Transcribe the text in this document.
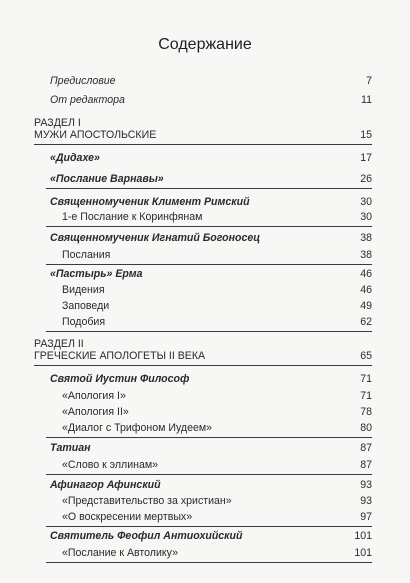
Содержание
Предисловие	7
От редактора	11
РАЗДЕЛ I
МУЖИ АПОСТОЛЬСКИЕ	15
«Дидахе»	17
«Послание Варнавы»	26
Священномученик Климент Римский	30
1-е Послание к Коринфянам	30
Священномученик Игнатий Богоносец	38
Послания	38
«Пастырь» Ерма	46
Видения	46
Заповеди	49
Подобия	62
РАЗДЕЛ II
ГРЕЧЕСКИЕ АПОЛОГЕТЫ II ВЕКА	65
Святой Иустин Философ	71
«Апология I»	71
«Апология II»	78
«Диалог с Трифоном Иудеем»	80
Татиан	87
«Слово к эллинам»	87
Афинагор Афинский	93
«Представительство за христиан»	93
«О воскресении мертвых»	97
Святитель Феофил Антиохийский	101
«Послание к Автолику»	101
